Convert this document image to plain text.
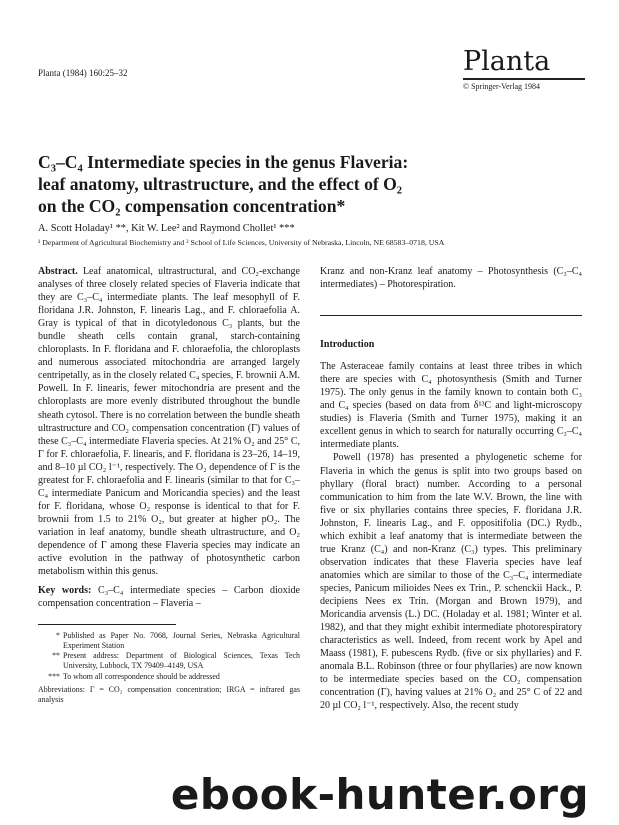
Planta (1984) 160:25–32	Planta
© Springer-Verlag 1984
C₃–C₄ Intermediate species in the genus Flaveria:
leaf anatomy, ultrastructure, and the effect of O₂
on the CO₂ compensation concentration*
A. Scott Holaday¹ **, Kit W. Lee² and Raymond Chollet¹ ***
¹ Department of Agricultural Biochemistry and ² School of Life Sciences, University of Nebraska, Lincoln, NE 68583–0718, USA

Abstract. Leaf anatomical, ultrastructural, and CO₂-exchange analyses of three closely related species of Flaveria indicate that they are C₃–C₄ intermediate plants. The leaf mesophyll of F. floridana J.R. Johnston, F. linearis Lag., and F. chloraefolia A. Gray is typical of that in dicotyledonous C₃ plants, but the bundle sheath cells contain granal, starch-containing chloroplasts. In F. floridana and F. chloraefolia, the chloroplasts and numerous associated mitochondria are arranged largely centripetally, as in the closely related C₄ species, F. brownii A.M. Powell. In F. linearis, fewer mitochondria are present and the chloroplasts are more evenly distributed throughout the bundle sheath cytosol. There is no correlation between the bundle sheath ultrastructure and CO₂ compensation concentration (Γ) values of these C₃–C₄ intermediate Flaveria species. At 21% O₂ and 25° C, Γ for F. chloraefolia, F. linearis, and F. floridana is 23–26, 14–19, and 8–10 µl CO₂ l⁻¹, respectively. The O₂ dependence of Γ is the greatest for F. chloraefolia and F. linearis (similar to that for C₃–C₄ intermediate Panicum and Moricandia species) and the least for F. floridana, whose O₂ response is identical to that for F. brownii from 1.5 to 21% O₂, but greater at higher pO₂. The variation in leaf anatomy, bundle sheath ultrastructure, and O₂ dependence of Γ among these Flaveria species may indicate an active evolution in the pathway of photosynthetic carbon metabolism within this genus.

Key words: C₃–C₄ intermediate species – Carbon dioxide compensation concentration – Flaveria –

* Published as Paper No. 7068, Journal Series, Nebraska Agricultural Experiment Station
** Present address: Department of Biological Sciences, Texas Tech University, Lubbock, TX 79409–4149, USA
*** To whom all correspondence should be addressed
Abbreviations: Γ = CO₂ compensation concentration; IRGA = infrared gas analysis

Kranz and non-Kranz leaf anatomy – Photosynthesis (C₃–C₄ intermediates) – Photorespiration.

Introduction

The Asteraceae family contains at least three tribes in which there are species with C₄ photosynthesis (Smith and Turner 1975). The only genus in the family known to contain both C₃ and C₄ species (based on data from δ¹³C and light-microscopy studies) is Flaveria (Smith and Turner 1975), making it an excellent genus in which to search for naturally occurring C₃–C₄ intermediate plants.

Powell (1978) has presented a phylogenetic scheme for Flaveria in which the genus is split into two groups based on phyllary (floral bract) number. According to a personal communication to him from the late W.V. Brown, the line with five or six phyllaries contains three species, F. floridana J.R. Johnston, F. linearis Lag., and F. oppositifolia (DC.) Rydb., which exhibit a leaf anatomy that is intermediate between the true Kranz (C₄) and non-Kranz (C₃) types. This preliminary observation indicates that these Flaveria species have leaf anatomies which are similar to those of the C₃–C₄ intermediate species, Panicum milioides Nees ex Trin., P. schenckii Hack., P. decipiens Nees ex Trin. (Morgan and Brown 1979), and Moricandia arvensis (L.) DC. (Holaday et al. 1981; Winter et al. 1982), and that they might exhibit intermediate photorespiratory characteristics as well. Indeed, from recent work by Apel and Maass (1981), F. pubescens Rydb. (five or six phyllaries) and F. anomala B.L. Robinson (three or four phyllaries) are now known to be intermediate species based on the CO₂ compensation concentration (Γ), having values at 21% O₂ and 25° C of 22 and 20 µl CO₂ l⁻¹, respectively. Also, the recent study

ebook-hunter.org
